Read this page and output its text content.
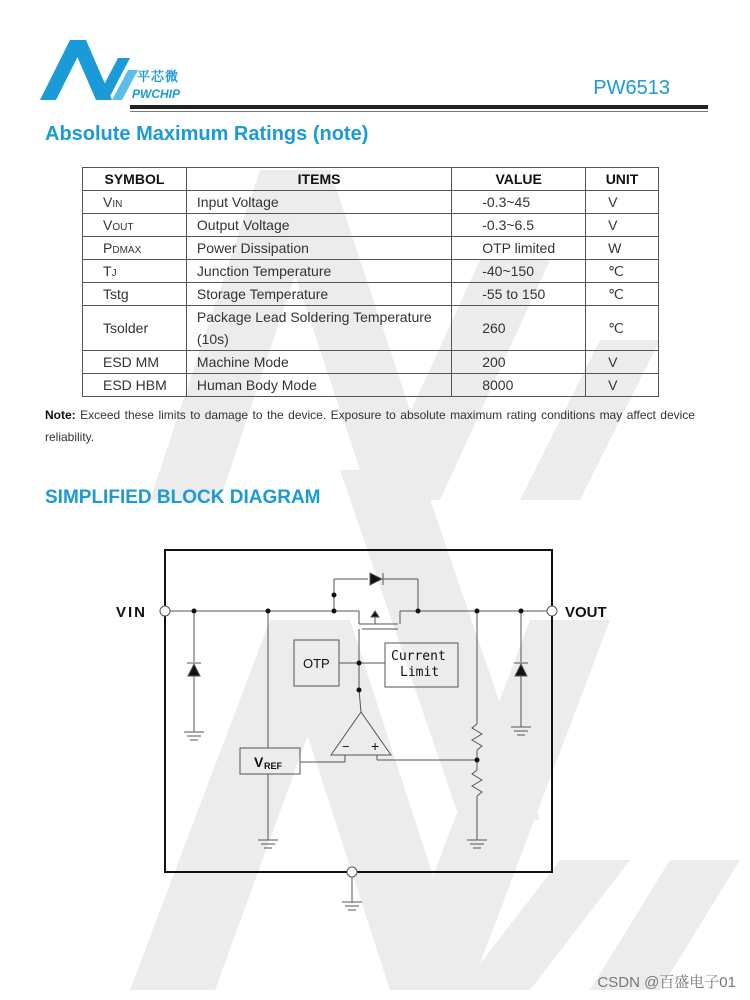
平芯微
PWCHIP	PW6513
Absolute Maximum Ratings (note)
SYMBOL	ITEMS	VALUE	UNIT
VIN	Input Voltage	-0.3~45	V
VOUT	Output Voltage	-0.3~6.5	V
PDMAX	Power Dissipation	OTP limited	W
TJ	Junction Temperature	-40~150	℃
Tstg	Storage Temperature	-55 to 150	℃
Tsolder	Package Lead Soldering Temperature (10s)	260	℃
ESD MM	Machine Mode	200	V
ESD HBM	Human Body Mode	8000	V
Note: Exceed these limits to damage to the device. Exposure to absolute maximum rating conditions may affect device reliability.
SIMPLIFIED BLOCK DIAGRAM
VIN	VOUT
OTP	Current
Limit
V REF
− +
CSDN @百盛电子01
